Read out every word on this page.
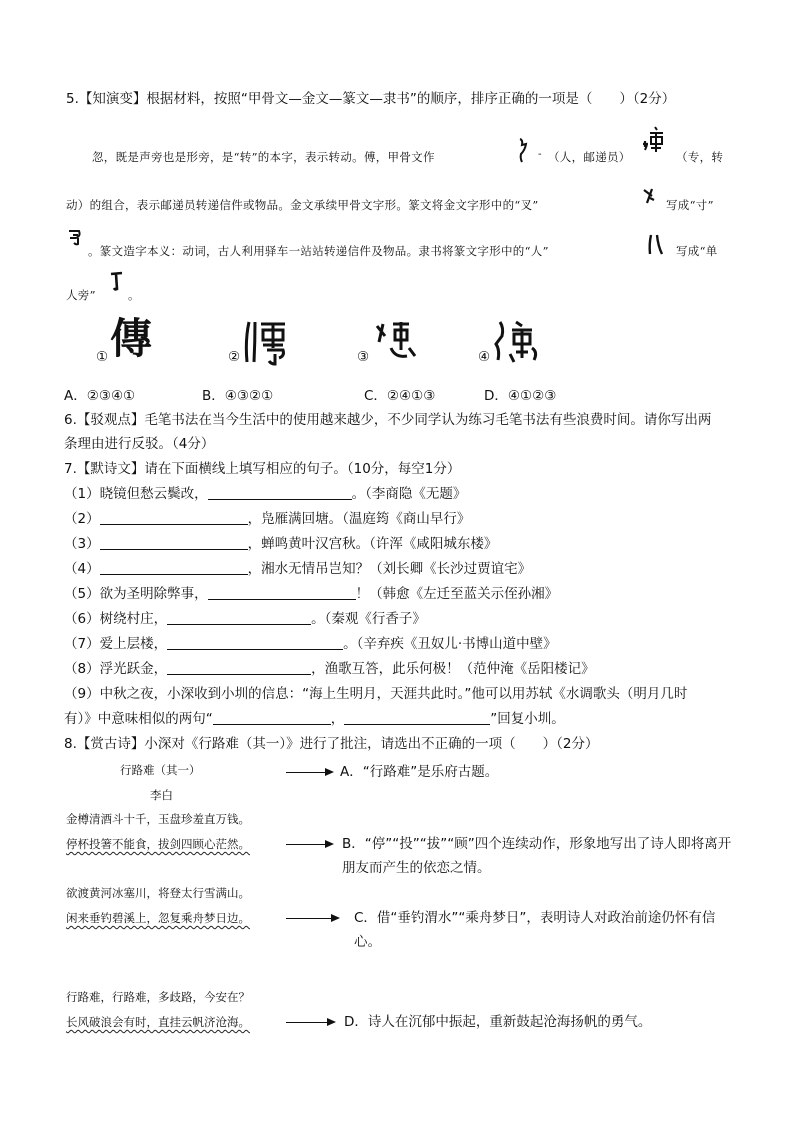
5.【知演变】根据材料，按照“甲骨文—金文—篆文—隶书”的顺序，排序正确的一项是（　　）（2分）
忽，既是声旁也是形旁，是“转”的本字，表示转动。傅，甲骨文作	- （人，邮递员）	（专，转
动）的组合，表示邮递员转递信件或物品。金文承续甲骨文字形。篆文将金文字形中的“叉”	写成“寸”
。篆文造字本义：动词，古人利用驿车一站站转递信件及物品。隶书将篆文字形中的“人”	写成“单
人旁”	。
① 傳	②	③	④
A．②③④①	B．④③②①	C．②④①③	D．④①②③
6.【驳观点】毛笔书法在当今生活中的使用越来越少，不少同学认为练习毛笔书法有些浪费时间。请你写出两
条理由进行反驳。（4分）
7.【默诗文】请在下面横线上填写相应的句子。（10分，每空1分）
（1）晓镜但愁云鬓改，	。（李商隐《无题》
（2）	，凫雁满回塘。（温庭筠《商山早行》
（3）	，蝉鸣黄叶汉宫秋。（许浑《咸阳城东楼》
（4）	，湘水无情吊岂知？（刘长卿《长沙过贾谊宅》
（5）欲为圣明除弊事，	！（韩愈《左迁至蓝关示侄孙湘》
（6）树绕村庄，	。（秦观《行香子》
（7）爱上层楼，	。（辛弃疾《丑奴儿·书博山道中壁》
（8）浮光跃金，	，渔歌互答，此乐何极！（范仲淹《岳阳楼记》
（9）中秋之夜，小深收到小圳的信息：“海上生明月，天涯共此时。”他可以用苏轼《水调歌头（明月几时
有）》中意味相似的两句“	，	”回复小圳。
8.【赏古诗】小深对《行路难（其一）》进行了批注，请选出不正确的一项（　　）（2分）
行路难（其一）
李白
金樽清酒斗十千，玉盘珍羞直万钱。
停杯投箸不能食，拔剑四顾心茫然。
欲渡黄河冰塞川，将登太行雪满山。
闲来垂钓碧溪上，忽复乘舟梦日边。
行路难，行路难，多歧路，今安在？
长风破浪会有时，直挂云帆济沧海。
A．“行路难”是乐府古题。
B．“停”“投”“拔”“顾”四个连续动作，形象地写出了诗人即将离开朋友而产生的依恋之情。
C．借“垂钓渭水”“乘舟梦日”，表明诗人对政治前途仍怀有信心。
D．诗人在沉郁中振起，重新鼓起沧海扬帆的勇气。
